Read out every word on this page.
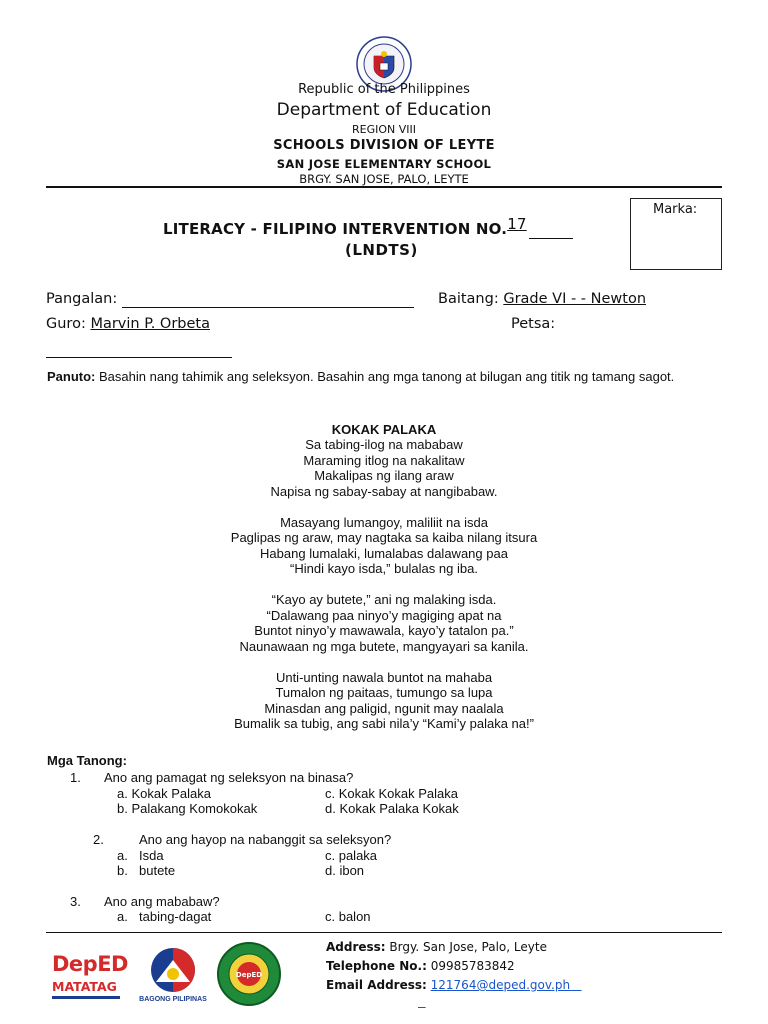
Republic of the Philippines
Department of Education
REGION VIII
SCHOOLS DIVISION OF LEYTE
SAN JOSE ELEMENTARY SCHOOL
BRGY. SAN JOSE, PALO, LEYTE
LITERACY - FILIPINO INTERVENTION NO.17
(LNDTS)
Marka:
Pangalan:	Baitang: Grade VI - - Newton
Guro: Marvin P. Orbeta	Petsa:
Panuto: Basahin nang tahimik ang seleksyon. Basahin ang mga tanong at bilugan ang titik ng tamang sagot.
KOKAK PALAKA
Sa tabing-ilog na mababaw
Maraming itlog na nakalitaw
Makalipas ng ilang araw
Napisa ng sabay-sabay at nangibabaw.
Masayang lumangoy, maliliit na isda
Paglipas ng araw, may nagtaka sa kaiba nilang itsura
Habang lumalaki, lumalabas dalawang paa
“Hindi kayo isda,” bulalas ng iba.
“Kayo ay butete,” ani ng malaking isda.
“Dalawang paa ninyo’y magiging apat na
Buntot ninyo’y mawawala, kayo’y tatalon pa.”
Naunawaan ng mga butete, mangyayari sa kanila.
Unti-unting nawala buntot na mahaba
Tumalon ng paitaas, tumungo sa lupa
Minasdan ang paligid, ngunit may naalala
Bumalik sa tubig, ang sabi nila’y “Kami’y palaka na!”
Mga Tanong:
1. Ano ang pamagat ng seleksyon na binasa?
a. Kokak Palaka	c. Kokak Kokak Palaka
b. Palakang Komokokak	d. Kokak Palaka Kokak
2.	Ano ang hayop na nabanggit sa seleksyon?
a. Isda	c. palaka
b. butete	d. ibon
3. Ano ang mababaw?
a. tabing-dagat	c. balon
DepED
MATATAG
BAGONG PILIPINAS
DepED
Address: Brgy. San Jose, Palo, Leyte
Telephone No.: 09985783842
Email Address: 121764@deped.gov.ph
